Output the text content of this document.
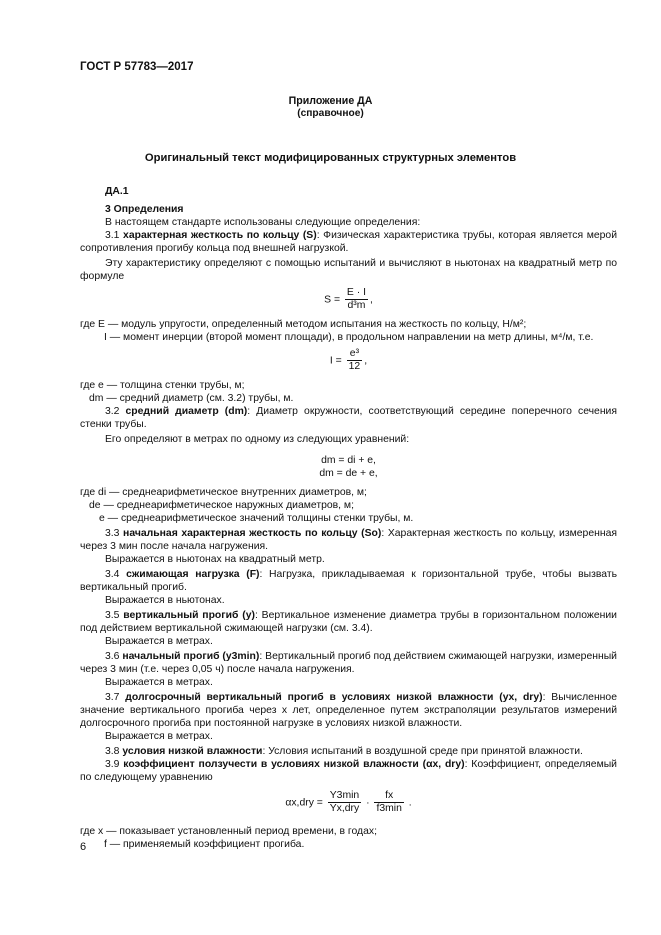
ГОСТ Р 57783—2017
Приложение ДА
(справочное)
Оригинальный текст модифицированных структурных элементов

ДА.1

3 Определения

В настоящем стандарте использованы следующие определения:

3.1 характерная жесткость по кольцу (S): Физическая характеристика трубы, которая является мерой сопротивления прогибу кольца под внешней нагрузкой.

Эту характеристику определяют с помощью испытаний и вычисляют в ньютонах на квадратный метр по формуле

$S = \frac{E \cdot I}{\text{d³m}}$ ,

где E — модуль упругости, определенный методом испытания на жесткость по кольцу, Н/м²;

I — момент инерции (второй момент площади), в продольном направлении на метр длины, м⁴/м, т.е.

$I = \frac{\text{e³}}{12}$ ,

где e — толщина стенки трубы, м;

dm — средний диаметр (см. 3.2) трубы, м.

3.2 средний диаметр (dm): Диаметр окружности, соответствующий середине поперечного сечения стенки трубы.

Его определяют в метрах по одному из следующих уравнений:

dm = di + e,
dm = de + e,

где di — среднеарифметическое внутренних диаметров, м;

de — среднеарифметическое наружных диаметров, м;

e — среднеарифметическое значений толщины стенки трубы, м.

3.3 начальная характерная жесткость по кольцу (So): Характерная жесткость по кольцу, измеренная через 3 мин после начала нагружения.

Выражается в ньютонах на квадратный метр.

3.4 сжимающая нагрузка (F): Нагрузка, прикладываемая к горизонтальной трубе, чтобы вызвать вертикальный прогиб.

Выражается в ньютонах.

3.5 вертикальный прогиб (y): Вертикальное изменение диаметра трубы в горизонтальном положении под действием вертикальной сжимающей нагрузки (см. 3.4).

Выражается в метрах.

3.6 начальный прогиб (y3min): Вертикальный прогиб под действием сжимающей нагрузки, измеренный через 3 мин (т.е. через 0,05 ч) после начала нагружения.

Выражается в метрах.

3.7 долгосрочный вертикальный прогиб в условиях низкой влажности (yx, dry): Вычисленное значение вертикального прогиба через x лет, определенное путем экстраполяции результатов измерений долгосрочного прогиба при постоянной нагрузке в условиях низкой влажности.

Выражается в метрах.

3.8 условия низкой влажности: Условия испытаний в воздушной среде при принятой влажности.

3.9 коэффициент ползучести в условиях низкой влажности (αx, dry): Коэффициент, определяемый по следующему уравнению

$\alpha x,dry = \frac{Y3\min}{\text{Yx,dry}} \cdot \frac{fx}{f3\min}$ .

где x — показывает установленный период времени, в годах;

f — применяемый коэффициент прогиба.

6
